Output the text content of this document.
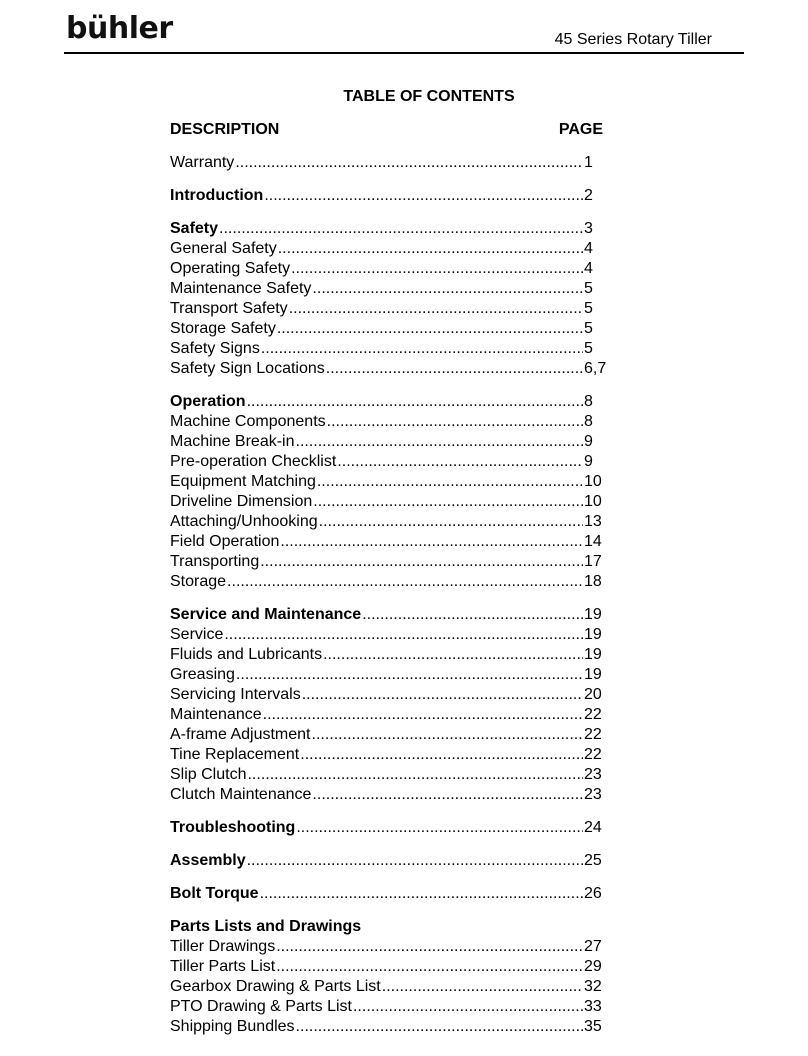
bühler	45 Series Rotary Tiller
TABLE OF CONTENTS
DESCRIPTION	PAGE
Warranty .....	1
Introduction .....	2
Safety .....	3
General Safety .....	4
Operating Safety .....	4
Maintenance Safety .....	5
Transport Safety .....	5
Storage Safety .....	5
Safety Signs .....	5
Safety Sign Locations .....	6,7
Operation .....	8
Machine Components .....	8
Machine Break-in .....	9
Pre-operation Checklist .....	9
Equipment Matching .....	10
Driveline Dimension .....	10
Attaching/Unhooking .....	13
Field Operation .....	14
Transporting .....	17
Storage .....	18
Service and Maintenance .....	19
Service .....	19
Fluids and Lubricants .....	19
Greasing .....	19
Servicing Intervals .....	20
Maintenance .....	22
A-frame Adjustment .....	22
Tine Replacement .....	22
Slip Clutch .....	23
Clutch Maintenance .....	23
Troubleshooting .....	24
Assembly .....	25
Bolt Torque .....	26
Parts Lists and Drawings
Tiller Drawings .....	27
Tiller Parts List .....	29
Gearbox Drawing & Parts List .....	32
PTO Drawing & Parts List .....	33
Shipping Bundles .....	35
